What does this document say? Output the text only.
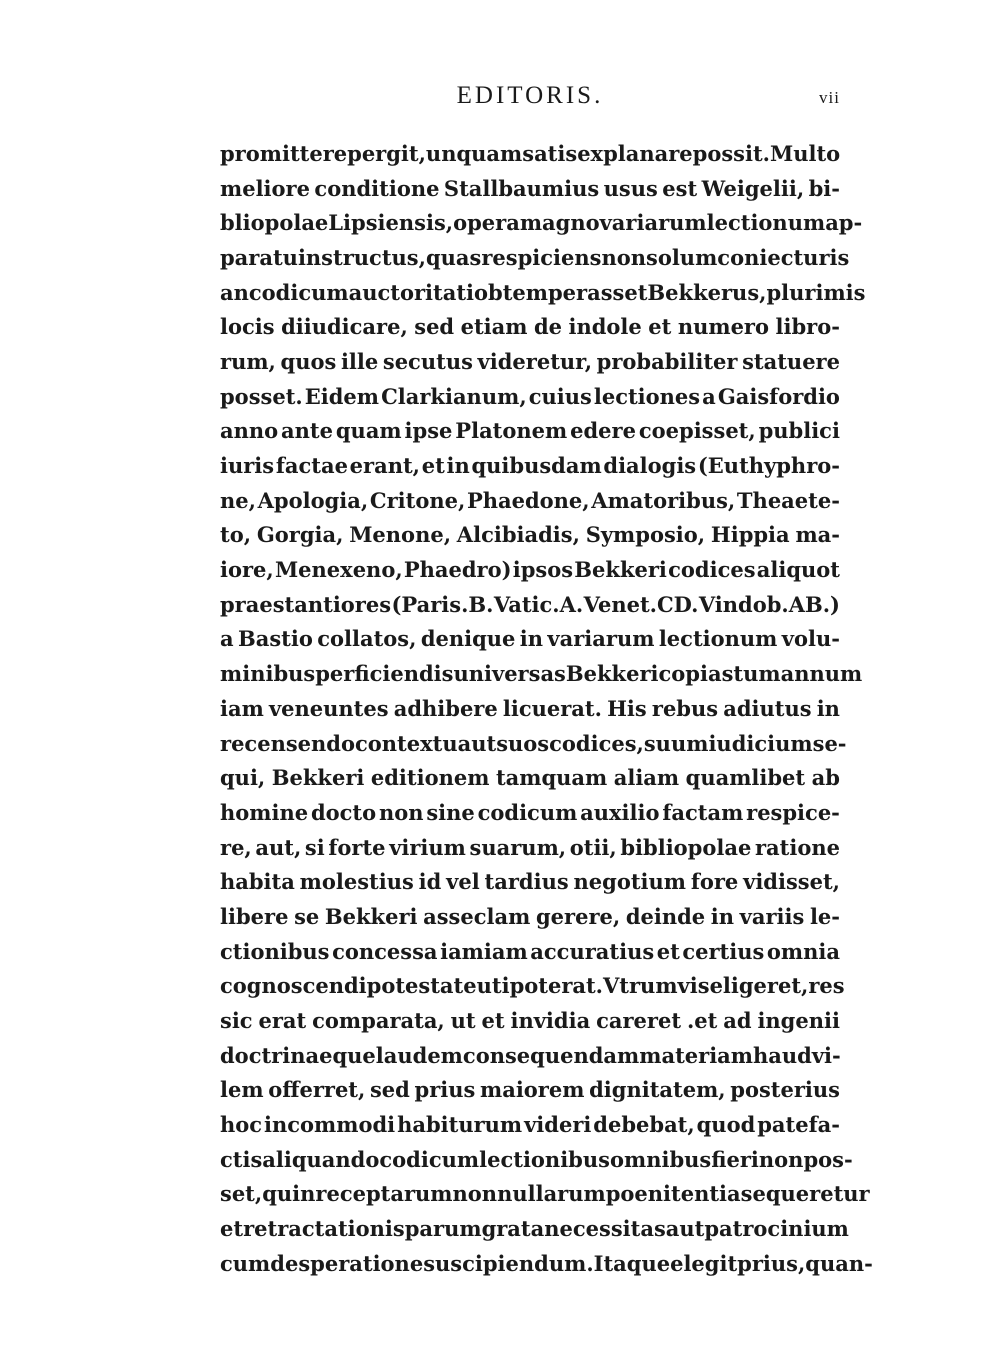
EDITORIS.	vii
promittere pergit, unquam satis explanare possit. Multo
meliore conditione Stallbaumius usus est Weigelii, bi-
bliopolae Lipsiensis, opera magno variarum lectionum ap-
paratu instructus, quas respiciens non solum coniecturis
an codicum auctoritati obtemperasset Bekkerus, plurimis
locis diiudicare, sed etiam de indole et numero libro-
rum, quos ille secutus videretur, probabiliter statuere
posset. Eidem Clarkianum, cuius lectiones a Gaisfordio
anno ante quam ipse Platonem edere coepisset, publici
iuris factae erant, et in quibusdam dialogis (Euthyphro-
ne, Apologia, Critone, Phaedone, Amatoribus, Theaete-
to, Gorgia, Menone, Alcibiadis, Symposio, Hippia ma-
iore, Menexeno, Phaedro) ipsos Bekkeri codices aliquot
praestantiores (Paris.B. Vatic.A. Venet.CD. Vindob.AB.)
a Bastio collatos, denique in variarum lectionum volu-
minibus perficiendis universas Bekkeri copias tum annum
iam veneuntes adhibere licuerat. His rebus adiutus in
recensendo contextu aut suos codices, suum iudicium se-
qui, Bekkeri editionem tamquam aliam quamlibet ab
homine docto non sine codicum auxilio factam respice-
re, aut, si forte virium suarum, otii, bibliopolae ratione
habita molestius id vel tardius negotium fore vidisset,
libere se Bekkeri asseclam gerere, deinde in variis le-
ctionibus concessa iamiam accuratius et certius omnia
cognoscendi potestate uti poterat. Vtrumvis eligeret, res
sic erat comparata, ut et invidia careret .et ad ingenii
doctrinaeque laudem consequendam materiam haud vi-
lem offerret, sed prius maiorem dignitatem, posterius
hoc incommodi habiturum videri debebat, quod patefa-
ctis aliquando codicum lectionibus omnibus fieri non pos-
set, quin receptarum nonnullarum poenitentia sequeretur
et retractationis parum grata necessitas aut patrocinium
cum desperatione suscipiendum. Itaque elegit prius, quan-
